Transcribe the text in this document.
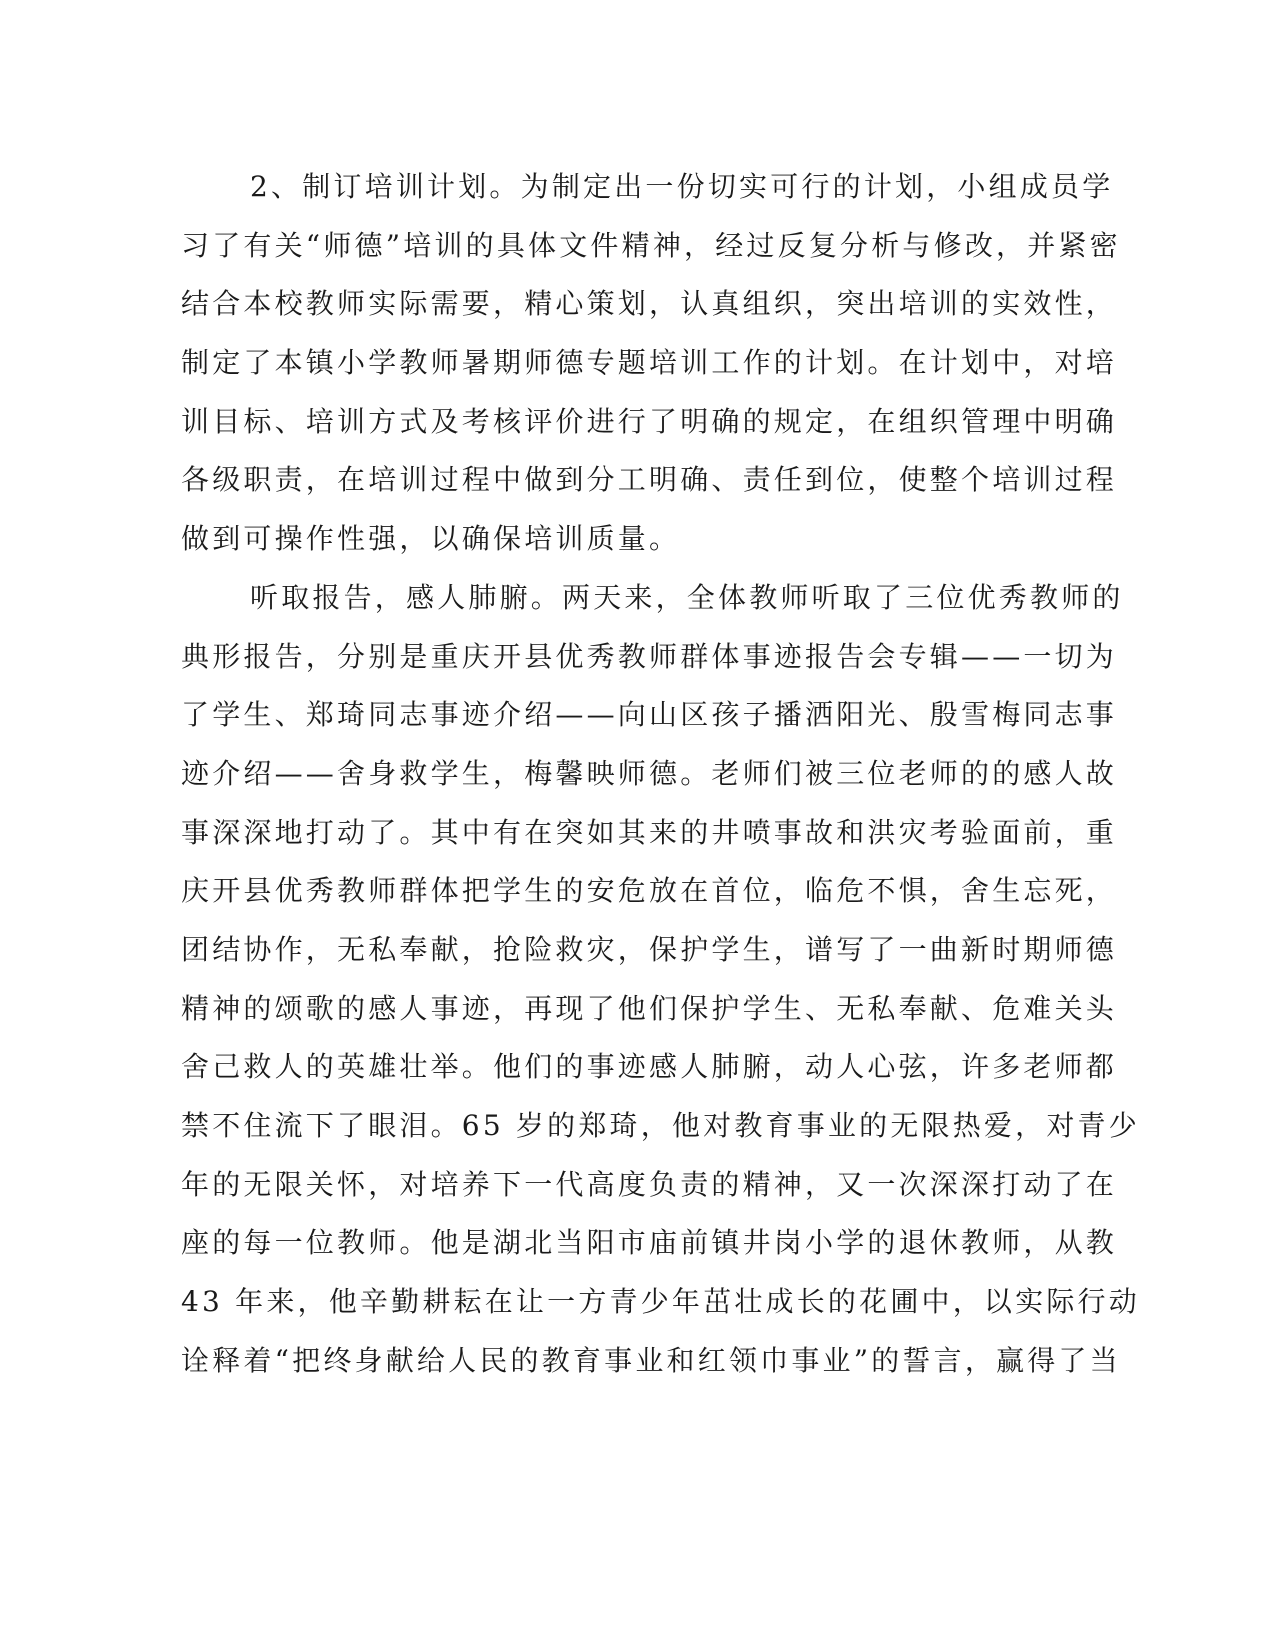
2、制订培训计划。为制定出一份切实可行的计划，小组成员学
习了有关“师德”培训的具体文件精神，经过反复分析与修改，并紧密
结合本校教师实际需要，精心策划，认真组织，突出培训的实效性，
制定了本镇小学教师暑期师德专题培训工作的计划。在计划中，对培
训目标、培训方式及考核评价进行了明确的规定，在组织管理中明确
各级职责，在培训过程中做到分工明确、责任到位，使整个培训过程
做到可操作性强，以确保培训质量。
听取报告，感人肺腑。两天来，全体教师听取了三位优秀教师的
典形报告，分别是重庆开县优秀教师群体事迹报告会专辑——一切为
了学生、郑琦同志事迹介绍——向山区孩子播洒阳光、殷雪梅同志事
迹介绍——舍身救学生，梅馨映师德。老师们被三位老师的的感人故
事深深地打动了。其中有在突如其来的井喷事故和洪灾考验面前，重
庆开县优秀教师群体把学生的安危放在首位，临危不惧，舍生忘死，
团结协作，无私奉献，抢险救灾，保护学生，谱写了一曲新时期师德
精神的颂歌的感人事迹，再现了他们保护学生、无私奉献、危难关头
舍己救人的英雄壮举。他们的事迹感人肺腑，动人心弦，许多老师都
禁不住流下了眼泪。65 岁的郑琦，他对教育事业的无限热爱，对青少
年的无限关怀，对培养下一代高度负责的精神，又一次深深打动了在
座的每一位教师。他是湖北当阳市庙前镇井岗小学的退休教师，从教
43 年来，他辛勤耕耘在让一方青少年茁壮成长的花圃中，以实际行动
诠释着“把终身献给人民的教育事业和红领巾事业”的誓言，赢得了当
